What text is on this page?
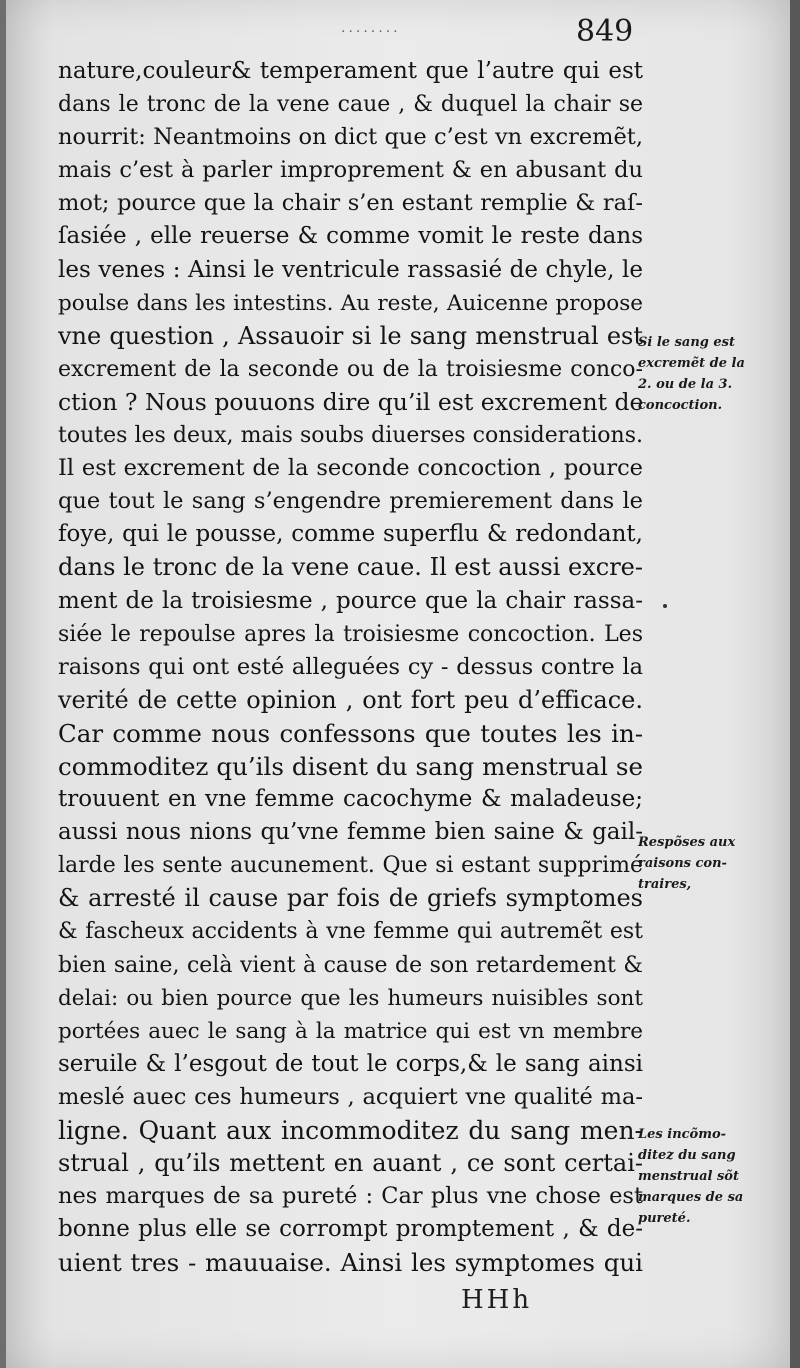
........	849
nature,couleur& temperament que l’autre qui est
dans le tronc de la vene caue , & duquel la chair se
nourrit: Neantmoins on dict que c’est vn excremẽt,
mais c’est à parler improprement & en abusant du
mot; pource que la chair s’en estant remplie & raſ-
ſasiée , elle reuerse & comme vomit le reste dans
les venes : Ainsi le ventricule rassasié de chyle, le
poulse dans les intestins. Au reste, Auicenne propose
vne question , Assauoir si le sang menstrual est
excrement de la seconde ou de la troisiesme conco-
ction ? Nous pouuons dire qu’il est excrement de
toutes les deux, mais soubs diuerses considerations.
Il est excrement de la seconde concoction , pource
que tout le sang s’engendre premierement dans le
foye, qui le pousse, comme superflu & redondant,
dans le tronc de la vene caue. Il est aussi excre-
ment de la troisiesme , pource que la chair rassa-
siée le repoulse apres la troisiesme concoction. Les
raisons qui ont esté alleguées cy - dessus contre la
verité de cette opinion , ont fort peu d’efficace.
Car comme nous confessons que toutes les in-
commoditez qu’ils disent du sang menstrual se
trouuent en vne femme cacochyme & maladeuse;
aussi nous nions qu’vne femme bien saine & gail-
larde les sente aucunement. Que si estant supprimé
& arresté il cause par fois de griefs symptomes
& fascheux accidents à vne femme qui autremẽt est
bien saine, celà vient à cause de son retardement &
delai: ou bien pource que les humeurs nuisibles sont
portées auec le sang à la matrice qui est vn membre
seruile & l’esgout de tout le corps,& le sang ainsi
meslé auec ces humeurs , acquiert vne qualité ma-
ligne. Quant aux incommoditez du sang men-
strual , qu’ils mettent en auant , ce sont certai-
nes marques de sa pureté : Car plus vne chose est
bonne plus elle se corrompt promptement , & de-
uient tres - mauuaise. Ainsi les symptomes qui
Si le sang est
excremẽt de la
2. ou de la 3.
concoction.
Respõses aux
raisons con-
traires,
Les incõmo-
ditez du sang
menstrual sõt
marques de sa
pureté.
HHh
